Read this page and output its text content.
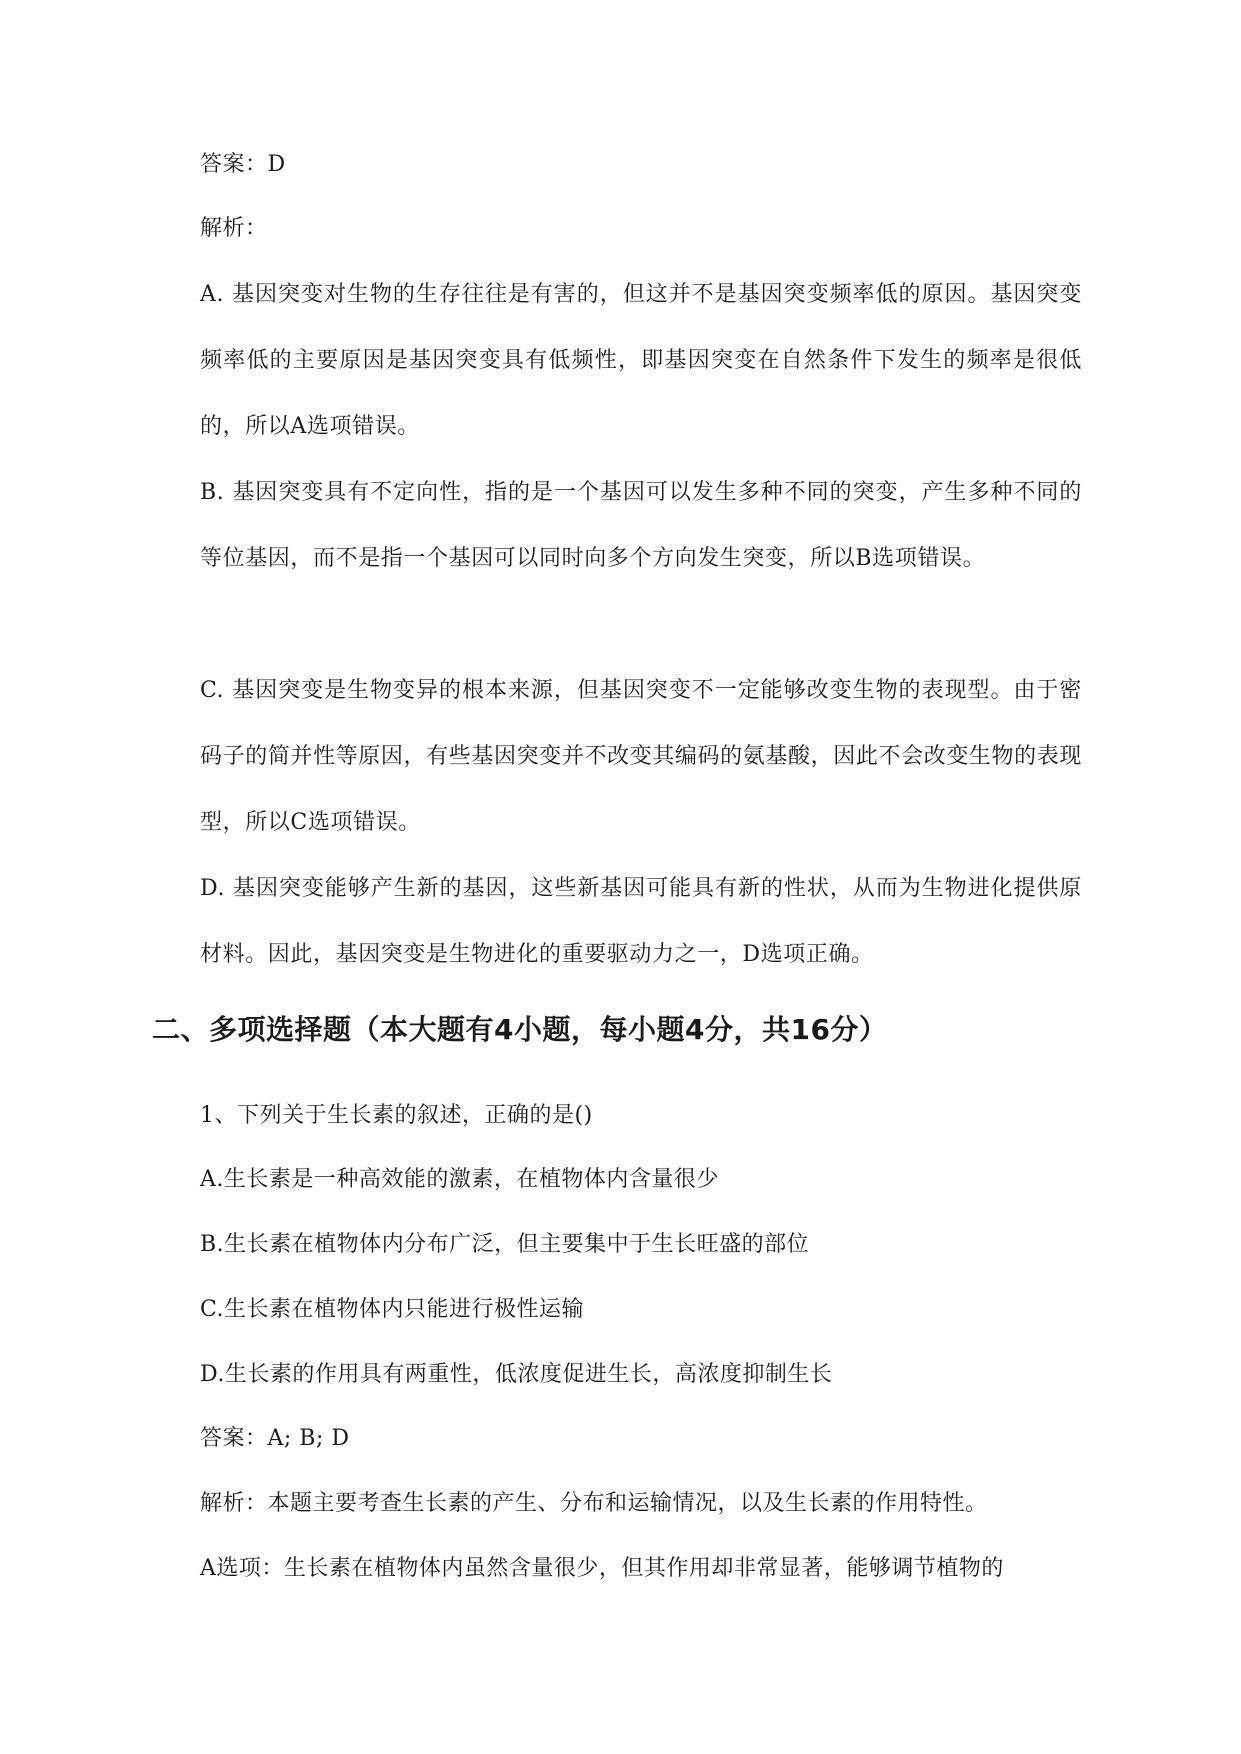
答案：D
解析：
A. 基因突变对生物的生存往往是有害的，但这并不是基因突变频率低的原因。基因突变频率低的主要原因是基因突变具有低频性，即基因突变在自然条件下发生的频率是很低的，所以A选项错误。
B. 基因突变具有不定向性，指的是一个基因可以发生多种不同的突变，产生多种不同的等位基因，而不是指一个基因可以同时向多个方向发生突变，所以B选项错误。
C. 基因突变是生物变异的根本来源，但基因突变不一定能够改变生物的表现型。由于密码子的简并性等原因，有些基因突变并不改变其编码的氨基酸，因此不会改变生物的表现型，所以C选项错误。
D. 基因突变能够产生新的基因，这些新基因可能具有新的性状，从而为生物进化提供原材料。因此，基因突变是生物进化的重要驱动力之一，D选项正确。
二、多项选择题（本大题有4小题，每小题4分，共16分）
1、下列关于生长素的叙述，正确的是()
A.生长素是一种高效能的激素，在植物体内含量很少
B.生长素在植物体内分布广泛，但主要集中于生长旺盛的部位
C.生长素在植物体内只能进行极性运输
D.生长素的作用具有两重性，低浓度促进生长，高浓度抑制生长
答案：A; B; D
解析：本题主要考查生长素的产生、分布和运输情况，以及生长素的作用特性。
A选项：生长素在植物体内虽然含量很少，但其作用却非常显著，能够调节植物的
